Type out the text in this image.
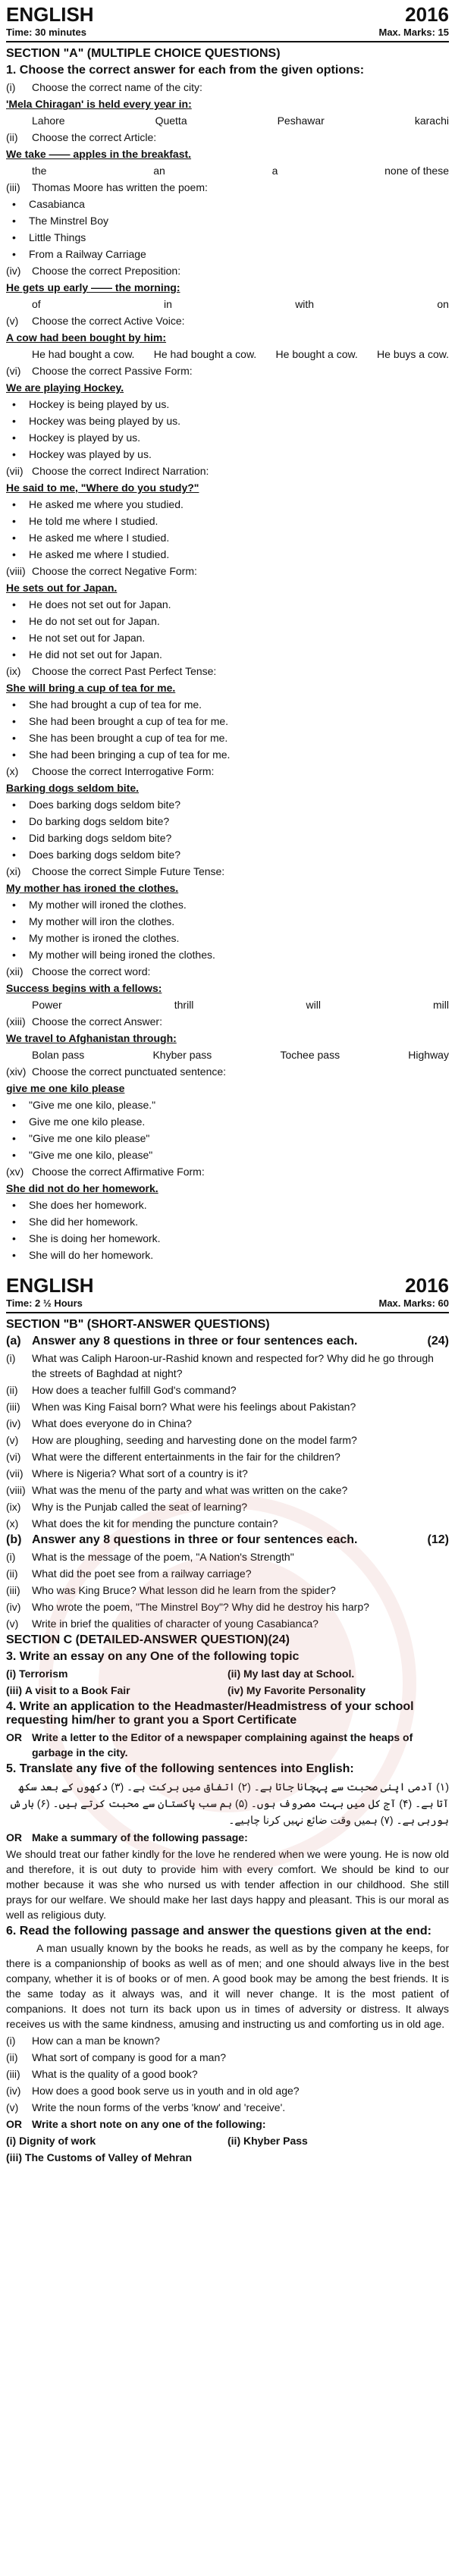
ENGLISH	2016
Time: 30 minutes	Max. Marks: 15
SECTION "A" (MULTIPLE CHOICE QUESTIONS)
1. Choose the correct answer for each from the given options:
(i)	Choose the correct name of the city:
'Mela Chiragan' is held every year in:
Lahore	Quetta	Peshawar	karachi
(ii)	Choose the correct Article:
We take —— apples in the breakfast.
the	an	a	none of these
(iii)	Thomas Moore has written the poem:
• Casabianca
• The Minstrel Boy
• Little Things
• From a Railway Carriage
(iv)	Choose the correct Preposition:
He gets up early —— the morning:
of	in	with	on
(v)	Choose the correct Active Voice:
A cow had been bought by him:
He had bought a cow. He had bought a cow. He bought a cow. He buys a cow.
(vi)	Choose the correct Passive Form:
We are playing Hockey.
• Hockey is being played by us.
• Hockey was being played by us.
• Hockey is played by us.
• Hockey was played by us.
(vii) Choose the correct Indirect Narration:
He said to me, "Where do you study?"
• He asked me where you studied.
• He told me where I studied.
• He asked me where I studied.
• He asked me where I studied.
(viii) Choose the correct Negative Form:
He sets out for Japan.
• He does not set out for Japan.
• He do not set out for Japan.
• He not set out for Japan.
• He did not set out for Japan.
(ix)	Choose the correct Past Perfect Tense:
She will bring a cup of tea for me.
• She had brought a cup of tea for me.
• She had been brought a cup of tea for me.
• She has been brought a cup of tea for me.
• She had been bringing a cup of tea for me.
(x)	Choose the correct Interrogative Form:
Barking dogs seldom bite.
• Does barking dogs seldom bite?
• Do barking dogs seldom bite?
• Did barking dogs seldom bite?
• Does barking dogs seldom bite?
(xi)	Choose the correct Simple Future Tense:
My mother has ironed the clothes.
• My mother will ironed the clothes.
• My mother will iron the clothes.
• My mother is ironed the clothes.
• My mother will being ironed the clothes.
(xii) Choose the correct word:
Success begins with a fellows:
Power	thrill	will	mill
(xiii) Choose the correct Answer:
We travel to Afghanistan through:
Bolan pass	Khyber pass	Tochee pass	Highway
(xiv) Choose the correct punctuated sentence:
give me one kilo please
• "Give me one kilo, please."
• Give me one kilo please.
• "Give me one kilo please"
• "Give me one kilo, please"
(xv) Choose the correct Affirmative Form:
She did not do her homework.
• She does her homework.
• She did her homework.
• She is doing her homework.
• She will do her homework.
ENGLISH	2016
Time: 2 ½ Hours	Max. Marks: 60
SECTION "B" (SHORT-ANSWER QUESTIONS)
(a) Answer any 8 questions in three or four sentences each.	(24)
(i)	What was Caliph Haroon-ur-Rashid known and respected for? Why did he go through the streets of Baghdad at night?
(ii)	How does a teacher fulfill God's command?
(iii)	When was King Faisal born? What were his feelings about Pakistan?
(iv)	What does everyone do in China?
(v)	How are ploughing, seeding and harvesting done on the model farm?
(vi)	What were the different entertainments in the fair for the children?
(vii) Where is Nigeria? What sort of a country is it?
(viii) What was the menu of the party and what was written on the cake?
(ix)	Why is the Punjab called the seat of learning?
(x)	What does the kit for mending the puncture contain?
(b) Answer any 8 questions in three or four sentences each.	(12)
(i)	What is the message of the poem, "A Nation's Strength"
(ii)	What did the poet see from a railway carriage?
(iii)	Who was King Bruce? What lesson did he learn from the spider?
(iv)	Who wrote the poem, "The Minstrel Boy"? Why did he destroy his harp?
(v)	Write in brief the qualities of character of young Casabianca?
SECTION C (DETAILED-ANSWER QUESTION)(24)
3. Write an essay on any One of the following topic
(i) Terrorism	(ii) My last day at School.
(iii) A visit to a Book Fair	(iv) My Favorite Personality
4. Write an application to the Headmaster/Headmistress of your school requesting him/her to grant you a Sport Certificate
OR Write a letter to the Editor of a newspaper complaining against the heaps of garbage in the city.
5. Translate any five of the following sentences into English:
(۱) آدمی اپنی صحبت سے پہچانا جاتا ہے۔ (۲) اتفاق میں برکت ہے۔ (۳) دکھوں کے بعد سکھ آتا ہے۔ (۴) آج کل میں بہت مصروف ہوں۔ (۵) ہم سب پاکستان سے محبت کرتے ہیں۔ (۶) بارش ہورہی ہے۔ (۷) ہمیں وقت ضائع نہیں کرنا چاہیے۔
OR Make a summary of the following passage:
We should treat our father kindly for the love he rendered when we were young. He is now old and therefore, it is out duty to provide him with every comfort. We should be kind to our mother because it was she who nursed us with tender affection in our childhood. She still prays for our welfare. We should make her last days happy and pleasant. This is our moral as well as religious duty.
6. Read the following passage and answer the questions given at the end:
A man usually known by the books he reads, as well as by the company he keeps, for there is a companionship of books as well as of men; and one should always live in the best company, whether it is of books or of men. A good book may be among the best friends. It is the same today as it always was, and it will never change. It is the most patient of companions. It does not turn its back upon us in times of adversity or distress. It always receives us with the same kindness, amusing and instructing us and comforting us in old age.
(i)	How can a man be known?
(ii)	What sort of company is good for a man?
(iii)	What is the quality of a good book?
(iv)	How does a good book serve us in youth and in old age?
(v)	Write the noun forms of the verbs 'know' and 'receive'.
OR Write a short note on any one of the following:
(i) Dignity of work	(ii) Khyber Pass
(iii) The Customs of Valley of Mehran
